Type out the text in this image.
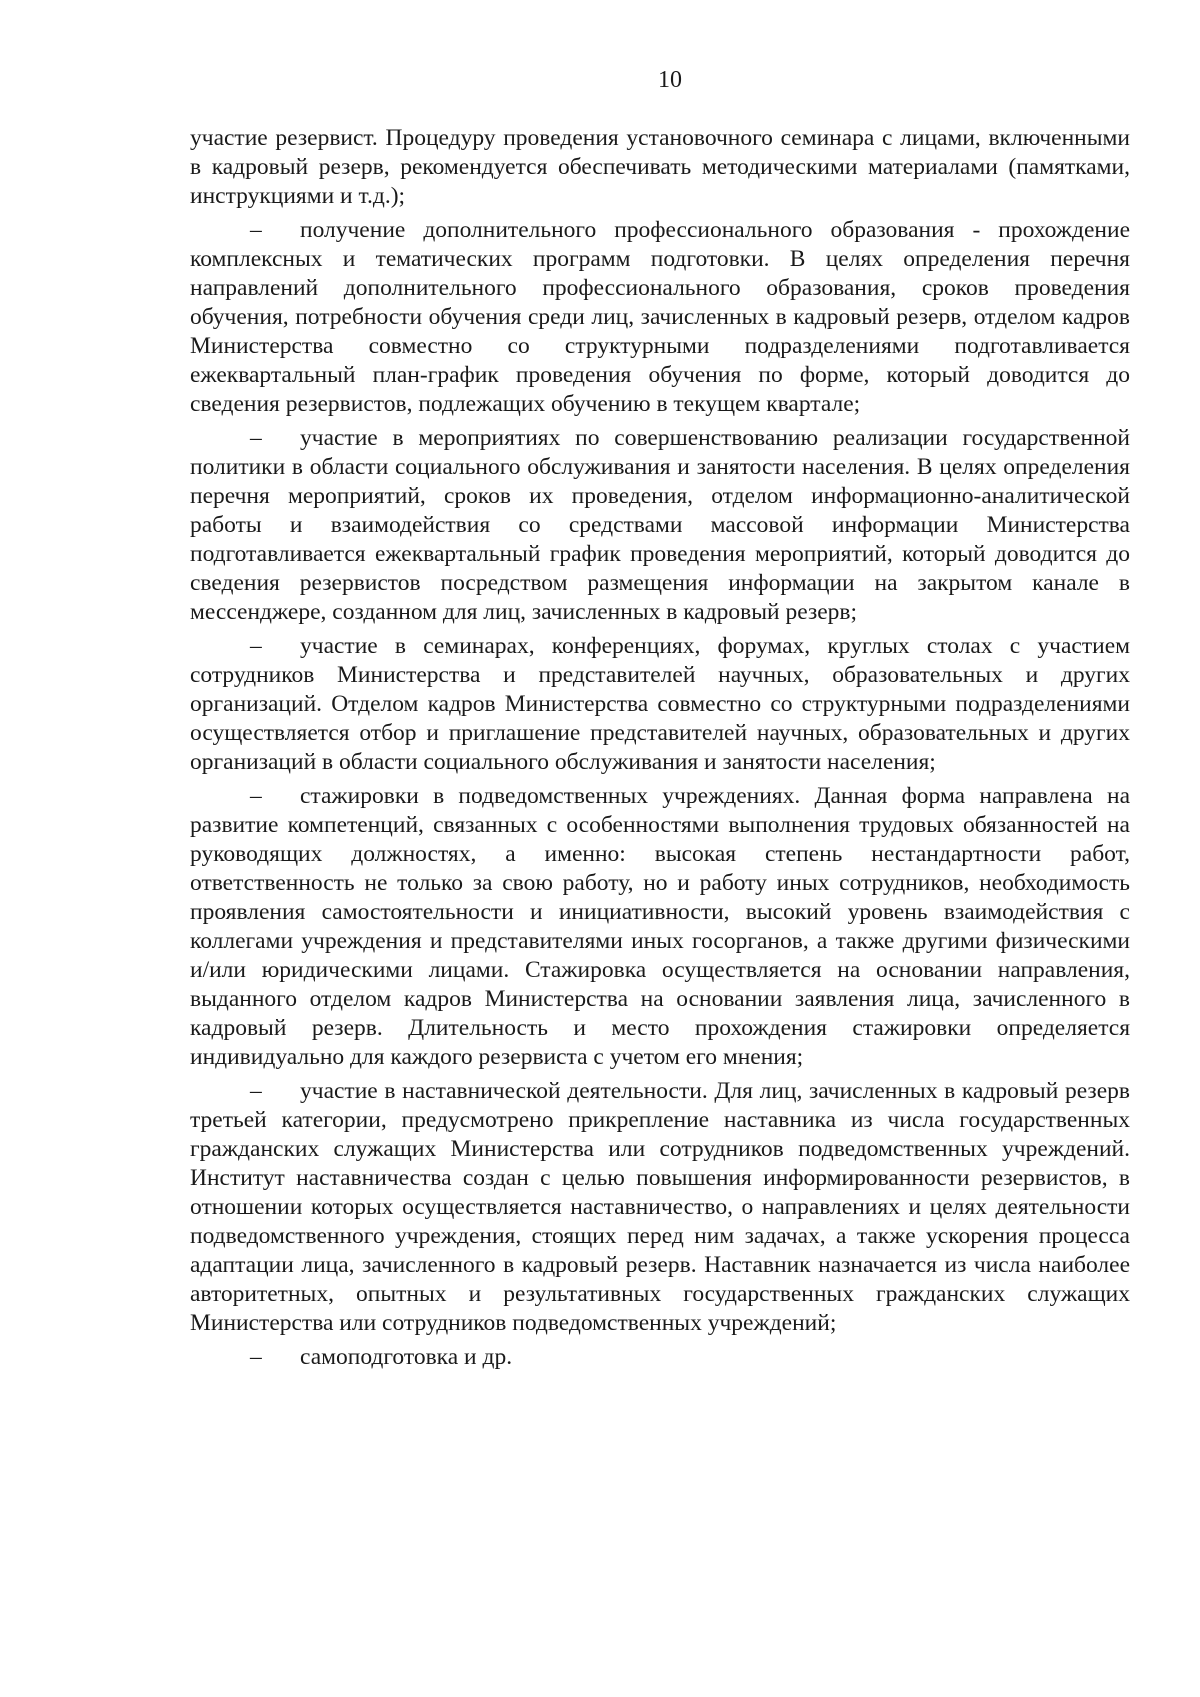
10

участие резервист. Процедуру проведения установочного семинара с лицами, включенными в кадровый резерв, рекомендуется обеспечивать методическими материалами (памятками, инструкциями и т.д.);

– получение дополнительного профессионального образования - прохождение комплексных и тематических программ подготовки. В целях определения перечня направлений дополнительного профессионального образования, сроков проведения обучения, потребности обучения среди лиц, зачисленных в кадровый резерв, отделом кадров Министерства совместно со структурными подразделениями подготавливается ежеквартальный план-график проведения обучения по форме, который доводится до сведения резервистов, подлежащих обучению в текущем квартале;

– участие в мероприятиях по совершенствованию реализации государственной политики в области социального обслуживания и занятости населения. В целях определения перечня мероприятий, сроков их проведения, отделом информационно-аналитической работы и взаимодействия со средствами массовой информации Министерства подготавливается ежеквартальный график проведения мероприятий, который доводится до сведения резервистов посредством размещения информации на закрытом канале в мессенджере, созданном для лиц, зачисленных в кадровый резерв;

– участие в семинарах, конференциях, форумах, круглых столах с участием сотрудников Министерства и представителей научных, образовательных и других организаций. Отделом кадров Министерства совместно со структурными подразделениями осуществляется отбор и приглашение представителей научных, образовательных и других организаций в области социального обслуживания и занятости населения;

– стажировки в подведомственных учреждениях. Данная форма направлена на развитие компетенций, связанных с особенностями выполнения трудовых обязанностей на руководящих должностях, а именно: высокая степень нестандартности работ, ответственность не только за свою работу, но и работу иных сотрудников, необходимость проявления самостоятельности и инициативности, высокий уровень взаимодействия с коллегами учреждения и представителями иных госорганов, а также другими физическими и/или юридическими лицами. Стажировка осуществляется на основании направления, выданного отделом кадров Министерства на основании заявления лица, зачисленного в кадровый резерв. Длительность и место прохождения стажировки определяется индивидуально для каждого резервиста с учетом его мнения;

– участие в наставнической деятельности. Для лиц, зачисленных в кадровый резерв третьей категории, предусмотрено прикрепление наставника из числа государственных гражданских служащих Министерства или сотрудников подведомственных учреждений. Институт наставничества создан с целью повышения информированности резервистов, в отношении которых осуществляется наставничество, о направлениях и целях деятельности подведомственного учреждения, стоящих перед ним задачах, а также ускорения процесса адаптации лица, зачисленного в кадровый резерв. Наставник назначается из числа наиболее авторитетных, опытных и результативных государственных гражданских служащих Министерства или сотрудников подведомственных учреждений;

– самоподготовка и др.
